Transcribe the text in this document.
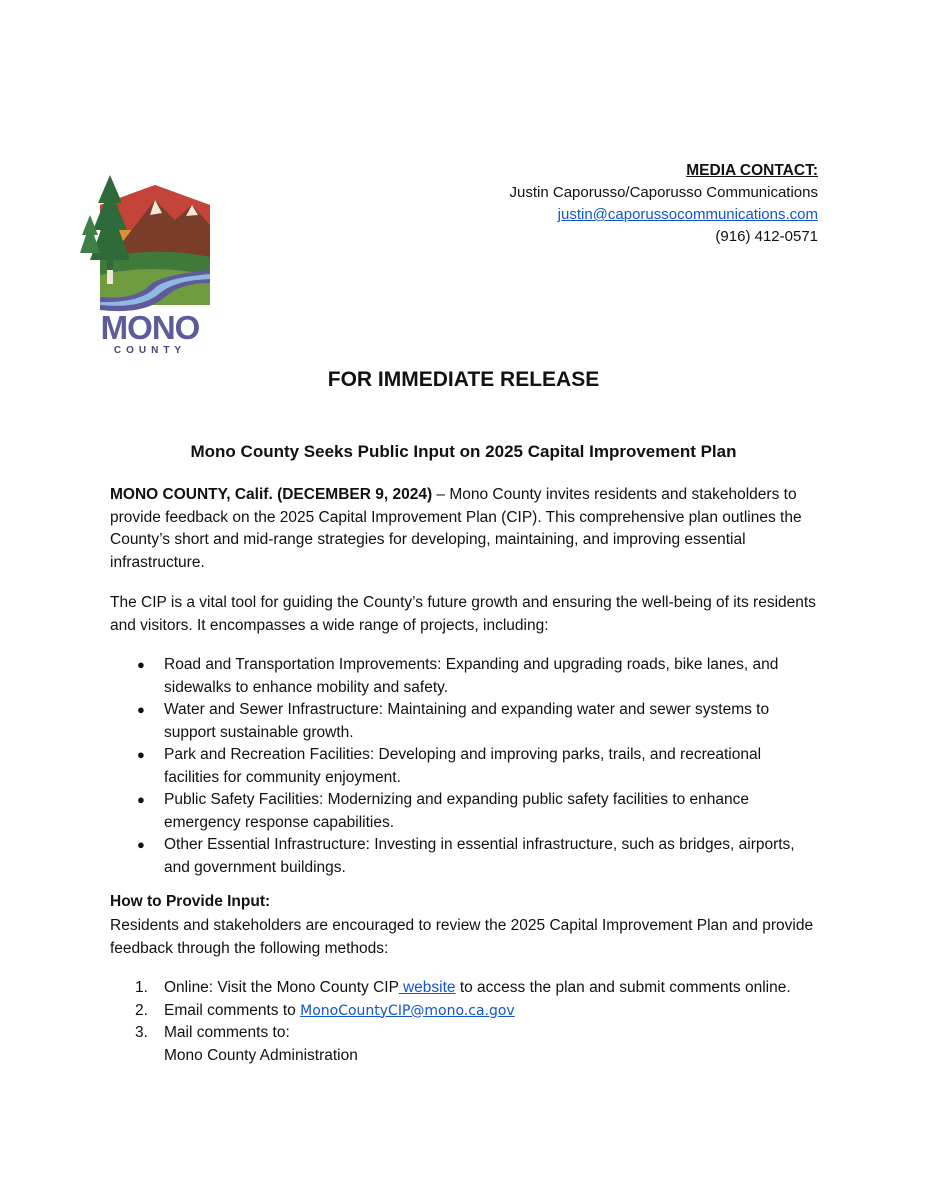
MONO
COUNTY
MEDIA CONTACT:
Justin Caporusso/Caporusso Communications
justin@caporussocommunications.com
(916) 412-0571
FOR IMMEDIATE RELEASE
Mono County Seeks Public Input on 2025 Capital Improvement Plan
MONO COUNTY, Calif. (DECEMBER 9, 2024) – Mono County invites residents and stakeholders to provide feedback on the 2025 Capital Improvement Plan (CIP). This comprehensive plan outlines the County’s short and mid-range strategies for developing, maintaining, and improving essential infrastructure.
The CIP is a vital tool for guiding the County’s future growth and ensuring the well-being of its residents and visitors. It encompasses a wide range of projects, including:
● Road and Transportation Improvements: Expanding and upgrading roads, bike lanes, and sidewalks to enhance mobility and safety.
● Water and Sewer Infrastructure: Maintaining and expanding water and sewer systems to support sustainable growth.
● Park and Recreation Facilities: Developing and improving parks, trails, and recreational facilities for community enjoyment.
● Public Safety Facilities: Modernizing and expanding public safety facilities to enhance emergency response capabilities.
● Other Essential Infrastructure: Investing in essential infrastructure, such as bridges, airports, and government buildings.
How to Provide Input:
Residents and stakeholders are encouraged to review the 2025 Capital Improvement Plan and provide feedback through the following methods:
1. Online: Visit the Mono County CIP website to access the plan and submit comments online.
2. Email comments to MonoCountyCIP@mono.ca.gov
3. Mail comments to:
Mono County Administration
